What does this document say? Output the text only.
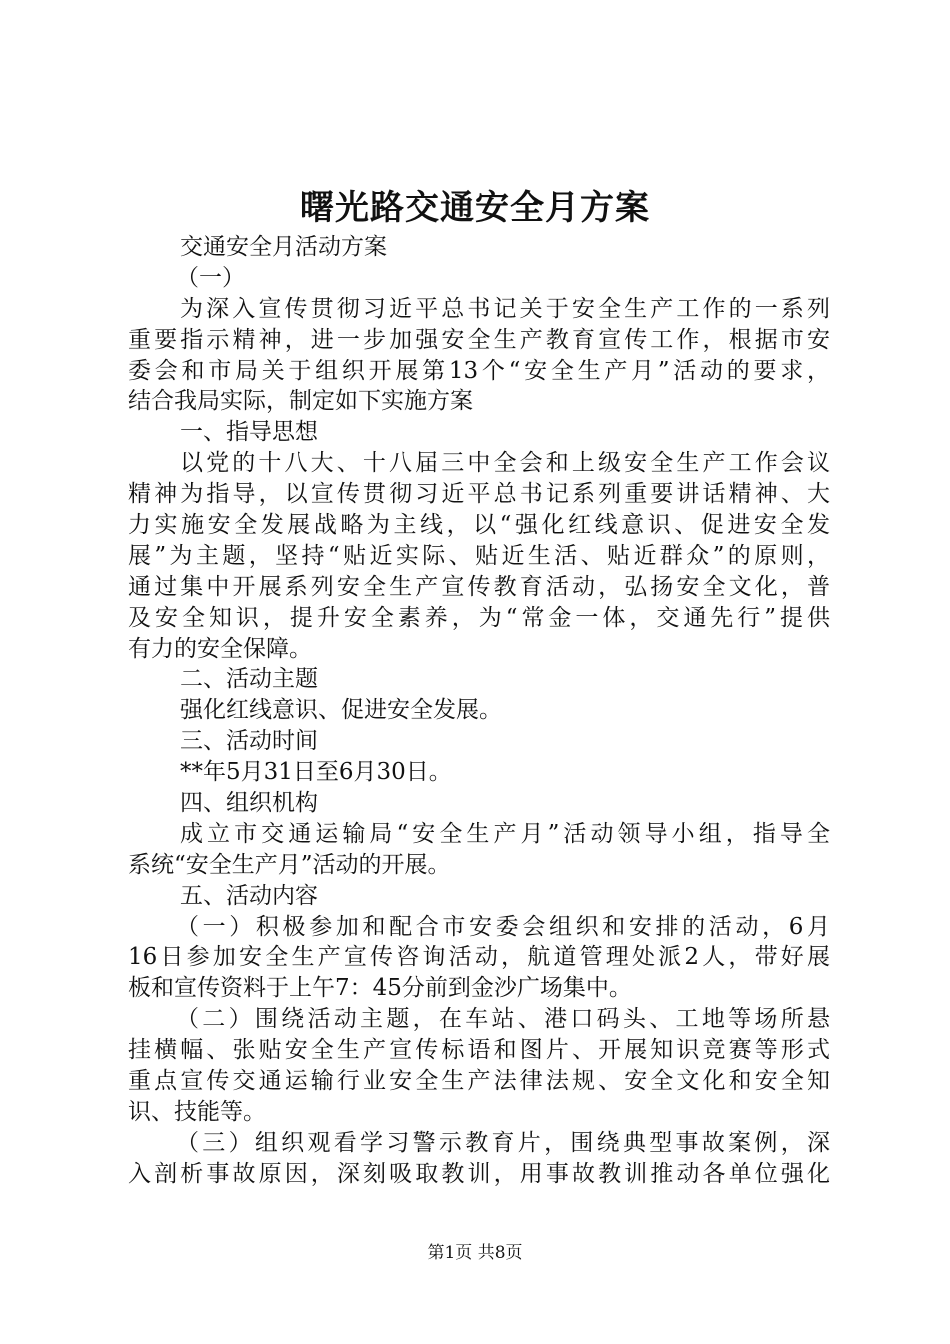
曙光路交通安全月方案
交通安全月活动方案
（一）
为深入宣传贯彻习近平总书记关于安全生产工作的一系列
重要指示精神，进一步加强安全生产教育宣传工作，根据市安
委会和市局关于组织开展第13个“安全生产月”活动的要求，
结合我局实际，制定如下实施方案
一、指导思想
以党的十八大、十八届三中全会和上级安全生产工作会议
精神为指导，以宣传贯彻习近平总书记系列重要讲话精神、大
力实施安全发展战略为主线，以“强化红线意识、促进安全发
展”为主题，坚持“贴近实际、贴近生活、贴近群众”的原则，
通过集中开展系列安全生产宣传教育活动，弘扬安全文化，普
及安全知识，提升安全素养，为“常金一体，交通先行”提供
有力的安全保障。
二、活动主题
强化红线意识、促进安全发展。
三、活动时间
**年5月31日至6月30日。
四、组织机构
成立市交通运输局“安全生产月”活动领导小组，指导全
系统“安全生产月”活动的开展。
五、活动内容
（一）积极参加和配合市安委会组织和安排的活动，6月
16日参加安全生产宣传咨询活动，航道管理处派2人，带好展
板和宣传资料于上午7：45分前到金沙广场集中。
（二）围绕活动主题，在车站、港口码头、工地等场所悬
挂横幅、张贴安全生产宣传标语和图片、开展知识竞赛等形式
重点宣传交通运输行业安全生产法律法规、安全文化和安全知
识、技能等。
（三）组织观看学习警示教育片，围绕典型事故案例，深
入剖析事故原因，深刻吸取教训，用事故教训推动各单位强化
第1页 共8页
